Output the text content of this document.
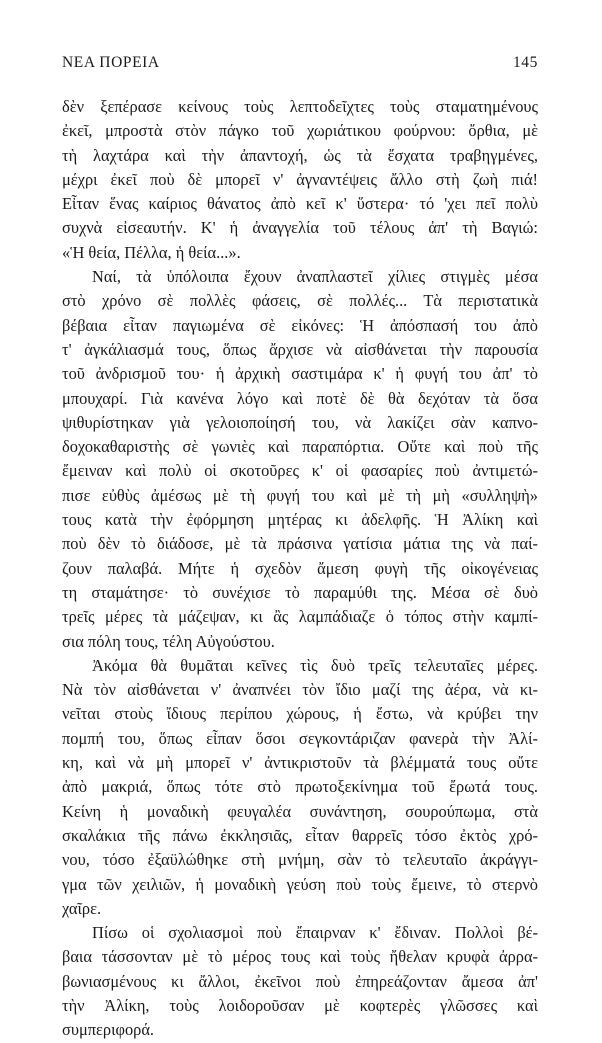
ΝΕΑ ΠΟΡΕΙΑ	145
δὲν ξεπέρασε κείνους τοὺς λεπτοδεῖχτες τοὺς σταματημένους
ἐκεῖ, μπροστὰ στὸν πάγκο τοῦ χωριάτικου φούρνου: ὄρθια, μὲ
τὴ λαχτάρα καὶ τὴν ἀπαντοχή, ὡς τὰ ἔσχατα τραβηγμένες,
μέχρι ἐκεῖ ποὺ δὲ μπορεῖ ν' ἀγναντέψεις ἄλλο στὴ ζωὴ πιά!
Εἶταν ἕνας καίριος θάνατος ἀπὸ κεῖ κ' ὕστερα· τό 'χει πεῖ πολὺ
συχνὰ εἰσεαυτήν. Κ' ἡ ἀναγγελία τοῦ τέλους ἀπ' τὴ Βαγιώ:
«Ἡ θεία, Πέλλα, ἡ θεία...».
Ναί, τὰ ὑπόλοιπα ἔχουν ἀναπλαστεῖ χίλιες στιγμὲς μέσα
στὸ χρόνο σὲ πολλὲς φάσεις, σὲ πολλές... Τὰ περιστατικὰ
βέβαια εἶταν παγιωμένα σὲ εἰκόνες: Ἡ ἀπόσπασή του ἀπὸ
τ' ἀγκάλιασμά τους, ὅπως ἄρχισε νὰ αἰσθάνεται τὴν παρουσία
τοῦ ἀνδρισμοῦ του· ἡ ἀρχικὴ σαστιμάρα κ' ἡ φυγή του ἀπ' τὸ
μπουχαρί. Γιὰ κανένα λόγο καὶ ποτὲ δὲ θὰ δεχόταν τὰ ὅσα
ψιθυρίστηκαν γιὰ γελοιοποίησή του, νὰ λακίζει σὰν καπνο-
δοχοκαθαριστὴς σὲ γωνιὲς καὶ παραπόρτια. Οὔτε καὶ ποὺ τῆς
ἔμειναν καὶ πολὺ οἱ σκοτοῦρες κ' οἱ φασαρίες ποὺ ἀντιμετώ-
πισε εὐθὺς ἀμέσως μὲ τὴ φυγή του καὶ μὲ τὴ μὴ «συλληψὴ»
τους κατὰ τὴν ἐφόρμηση μητέρας κι ἀδελφῆς. Ἡ Ἀλίκη καὶ
ποὺ δὲν τὸ διάδοσε, μὲ τὰ πράσινα γατίσια μάτια της νὰ παί-
ζουν παλαβά. Μήτε ἡ σχεδὸν ἄμεση φυγὴ τῆς οἰκογένειας
τη σταμάτησε· τὸ συνέχισε τὸ παραμύθι της. Μέσα σὲ δυὸ
τρεῖς μέρες τὰ μάζεψαν, κι ἂς λαμπάδιαζε ὁ τόπος στὴν καμπί-
σια πόλη τους, τέλη Αὐγούστου.
Ἀκόμα θὰ θυμᾶται κεῖνες τὶς δυὸ τρεῖς τελευταῖες μέρες.
Νὰ τὸν αἰσθάνεται ν' ἀναπνέει τὸν ἴδιο μαζί της ἀέρα, νὰ κι-
νεῖται στοὺς ἴδιους περίπου χώρους, ἡ ἔστω, νὰ κρύβει την
πομπή του, ὅπως εἶπαν ὅσοι σεγκοντάριζαν φανερὰ τὴν Ἀλί-
κη, καὶ νὰ μὴ μπορεῖ ν' ἀντικριστοῦν τὰ βλέμματά τους οὔτε
ἀπὸ μακριά, ὅπως τότε στὸ πρωτοξεκίνημα τοῦ ἔρωτά τους.
Κείνη ἡ μοναδικὴ φευγαλέα συνάντηση, σουρούπωμα, στὰ
σκαλάκια τῆς πάνω ἐκκλησιᾶς, εἶταν θαρρεῖς τόσο ἐκτὸς χρό-
νου, τόσο ἐξαϋλώθηκε στὴ μνήμη, σὰν τὸ τελευταῖο ἀκράγγι-
γμα τῶν χειλιῶν, ἡ μοναδικὴ γεύση ποὺ τοὺς ἔμεινε, τὸ στερνὸ
χαῖρε.
Πίσω οἱ σχολιασμοὶ ποὺ ἔπαιρναν κ' ἔδιναν. Πολλοὶ βέ-
βαια τάσσονταν μὲ τὸ μέρος τους καὶ τοὺς ἤθελαν κρυφὰ ἀρρα-
βωνιασμένους κι ἄλλοι, ἐκεῖνοι ποὺ ἐπηρεάζονταν ἄμεσα ἀπ'
τὴν Ἀλίκη, τοὺς λοιδοροῦσαν μὲ κοφτερὲς γλῶσσες καὶ
συμπεριφορά.
